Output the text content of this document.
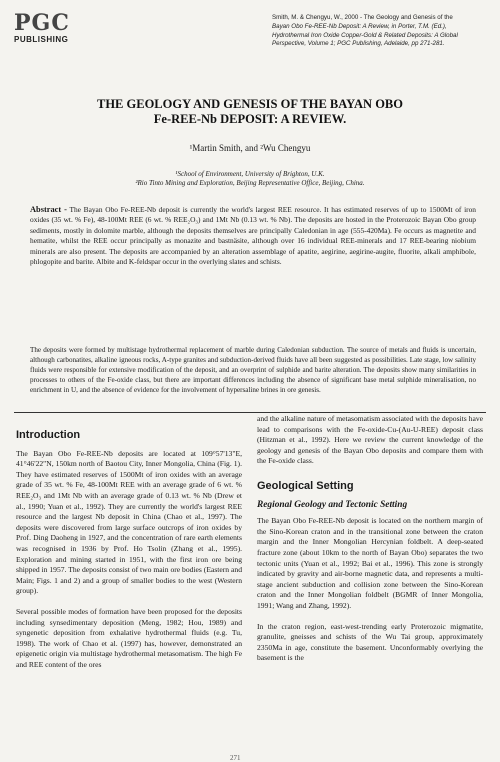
PGC
PUBLISHING
Smith, M. & Chengyu, W., 2000 - The Geology and Genesis of the
Bayan Obo Fe-REE-Nb Deposit: A Review, in Porter, T.M. (Ed.),
Hydrothermal Iron Oxide Copper-Gold & Related Deposits: A Global
Perspective, Volume 1; PGC Publishing, Adelaide, pp 271-281.
THE GEOLOGY AND GENESIS OF THE BAYAN OBO
Fe-REE-Nb DEPOSIT: A REVIEW.
¹Martin Smith, and ²Wu Chengyu
¹School of Environment, University of Brighton, U.K.
²Rio Tinto Mining and Exploration, Beijing Representative Office, Beijing, China.
Abstract - The Bayan Obo Fe-REE-Nb deposit is currently the world's largest REE resource. It has estimated reserves of up to 1500Mt of iron oxides (35 wt. % Fe), 48-100Mt REE (6 wt. % REE₂O₃) and 1Mt Nb (0.13 wt. % Nb). The deposits are hosted in the Proterozoic Bayan Obo group sediments, mostly in dolomite marble, although the deposits themselves are principally Caledonian in age (555-420Ma). Fe occurs as magnetite and hematite, whilst the REE occur principally as monazite and bastnäsite, although over 16 individual REE-minerals and 17 REE-bearing niobium minerals are also present. The deposits are accompanied by an alteration assemblage of apatite, aegirine, aegirine-augite, fluorite, alkali amphibole, phlogopite and barite. Albite and K-feldspar occur in the overlying slates and schists.
The deposits were formed by multistage hydrothermal replacement of marble during Caledonian subduction. The source of metals and fluids is uncertain, although carbonatites, alkaline igneous rocks, A-type granites and subduction-derived fluids have all been suggested as possibilities. Late stage, low salinity fluids were responsible for extensive modification of the deposit, and an overprint of sulphide and barite alteration. The deposits show many similarities in processes to others of the Fe-oxide class, but there are important differences including the absence of significant base metal sulphide mineralisation, no enrichment in U, and the absence of evidence for the involvement of hypersaline brines in ore genesis.
Introduction

The Bayan Obo Fe-REE-Nb deposits are located at 109°57'13"E, 41°46'22"N, 150km north of Baotou City, Inner Mongolia, China (Fig. 1). They have estimated reserves of 1500Mt of iron oxides with an average grade of 35 wt. % Fe, 48-100Mt REE with an average grade of 6 wt. % REE₂O₃ and 1Mt Nb with an average grade of 0.13 wt. % Nb (Drew et al., 1990; Yuan et al., 1992). They are currently the world's largest REE resource and the largest Nb deposit in China (Chao et al., 1997). The deposits were discovered from large surface outcrops of iron oxides by Prof. Ding Daoheng in 1927, and the concentration of rare earth elements was recognised in 1936 by Prof. Ho Tsolin (Zhang et al., 1995). Exploration and mining started in 1951, with the first iron ore being shipped in 1957. The deposits consist of two main ore bodies (Eastern and Main; Figs. 1 and 2) and a group of smaller bodies to the west (Western group).

Several possible modes of formation have been proposed for the deposits including synsedimentary deposition (Meng, 1982; Hou, 1989) and syngenetic deposition from exhalative hydrothermal fluids (e.g. Tu, 1998). The work of Chao et al. (1997) has, however, demonstrated an epigenetic origin via multistage hydrothermal metasomatism. The high Fe and REE content of the ores

and the alkaline nature of metasomatism associated with the deposits have lead to comparisons with the Fe-oxide-Cu-(Au-U-REE) deposit class (Hitzman et al., 1992). Here we review the current knowledge of the geology and genesis of the Bayan Obo deposits and compare them with the Fe-oxide class.

Geological Setting
Regional Geology and Tectonic Setting

The Bayan Obo Fe-REE-Nb deposit is located on the northern margin of the Sino-Korean craton and in the transitional zone between the craton margin and the Inner Mongolian Hercynian foldbelt. A deep-seated fracture zone (about 10km to the north of Bayan Obo) separates the two tectonic units (Yuan et al., 1992; Bai et al., 1996). This zone is strongly indicated by gravity and air-borne magnetic data, and represents a multi-stage ancient subduction and collision zone between the Sino-Korean craton and the Inner Mongolian foldbelt (BGMR of Inner Mongolia, 1991; Wang and Zhang, 1992).

In the craton region, east-west-trending early Proterozoic migmatite, granulite, gneisses and schists of the Wu Tai group, approximately 2350Ma in age, constitute the basement. Unconformably overlying the basement is the

271
